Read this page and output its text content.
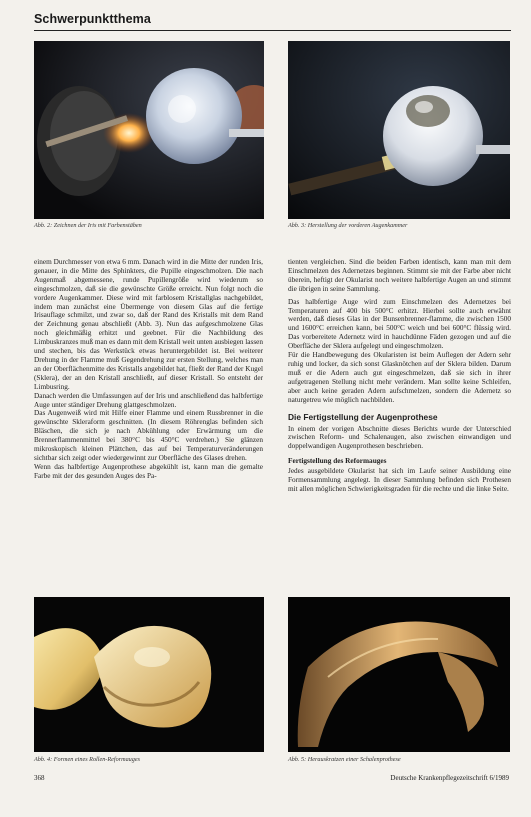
Schwerpunktthema
Abb. 2: Zeichnen der Iris mit Farbenstäben	Abb. 3: Herstellung der vorderen Augenkammer

einem Durchmesser von etwa 6 mm. Danach wird in die Mitte der runden Iris, genauer, in die Mitte des Sphinkters, die Pupille eingeschmolzen. Die nach Augenmaß abgemessene, runde Pupillengröße wird wiederum so eingeschmolzen, daß sie die gewünschte Größe erreicht. Nun folgt noch die vordere Augenkammer. Diese wird mit farblosem Kristallglas nachgebildet, indem man zunächst eine Übermenge von diesem Glas auf die fertige Irisauflage schmilzt, und zwar so, daß der Rand des Kristalls mit dem Rand der Zeichnung genau abschließt (Abb. 3). Nun das aufgeschmolzene Glas noch gleichmäßig erhitzt und geebnet. Für die Nachbildung des Limbuskranzes muß man es dann mit dem Kristall weit unten ausbiegen lassen und stechen, bis das Werkstück etwas heruntergebildet ist. Bei weiterer Drehung in der Flamme muß Gegendrehung zur ersten Stellung, welches man an der Oberflächenmitte des Kristalls angebildet hat, fließt der Rand der Kugel (Sklera), der an den Kristall anschließt, auf dieser Kristall. So entsteht der Limbusring.

Danach werden die Umfassungen auf der Iris und anschließend das halbfertige Auge unter ständiger Drehung glattgeschmolzen.

Das Augenweiß wird mit Hilfe einer Flamme und einem Russbrenner in die gewünschte Skleraform geschnitten. (In diesem Röhrenglas befinden sich Bläschen, die sich je nach Abkühlung oder Erwärmung um die Brennerflammenmittel bei 380°C bis 450°C verdrehen.) Sie glänzen mikroskopisch kleinen Plättchen, das auf bei Temperaturveränderungen sichtbar sich zeigt oder wiedergewinnt zur Oberfläche des Glases drehen.

Wenn das halbfertige Augenprothese abgekühlt ist, kann man die gemalte Farbe mit der des gesunden Auges des Pa-

tienten vergleichen. Sind die beiden Farben identisch, kann man mit dem Einschmelzen des Adernetzes beginnen. Stimmt sie mit der Farbe aber nicht überein, heftigt der Okularist noch weitere halbfertige Augen an und stimmt die übrigen in seine Sammlung.

Das halbfertige Auge wird zum Einschmelzen des Adernetzes bei Temperaturen auf 400 bis 500°C erhitzt. Hierbei sollte auch erwähnt werden, daß dieses Glas in der Bunsenbrenner-flamme, die zwischen 1500 und 1600°C erreichen kann, bei 500°C weich und bei 600°C flüssig wird. Das vorbereitete Adernetz wird in hauchdünne Fäden gezogen und auf die Oberfläche der Sklera aufgelegt und eingeschmolzen.

Für die Handbewegung des Okularisten ist beim Auflegen der Adern sehr ruhig und locker, da sich sonst Glasknötchen auf der Sklera bilden. Darum muß er die Adern auch gut eingeschmelzen, daß sie sich in ihrer aufgetragenen Stellung nicht mehr verändern. Man sollte keine Schleifen, aber auch keine geraden Adern aufschmelzen, sondern die Adernetz so naturgetreu wie möglich nachbilden.

Die Fertigstellung der Augenprothese

In einem der vorigen Abschnitte dieses Berichts wurde der Unterschied zwischen Reform- und Schalenaugen, also zwischen einwandigen und doppelwandigen Augenprothesen beschrieben.

Fertigstellung des Reformauges

Jedes ausgebildete Okularist hat sich im Laufe seiner Ausbildung eine Formensammlung angelegt. In dieser Sammlung befinden sich Prothesen mit allen möglichen Schwierigkeitsgraden für die rechte und die linke Seite.

Abb. 4: Formen eines Rollen-Reformauges	Abb. 5: Herauskratzen einer Schalenprothese
368	Deutsche Krankenpflegezeitschrift 6/1989
